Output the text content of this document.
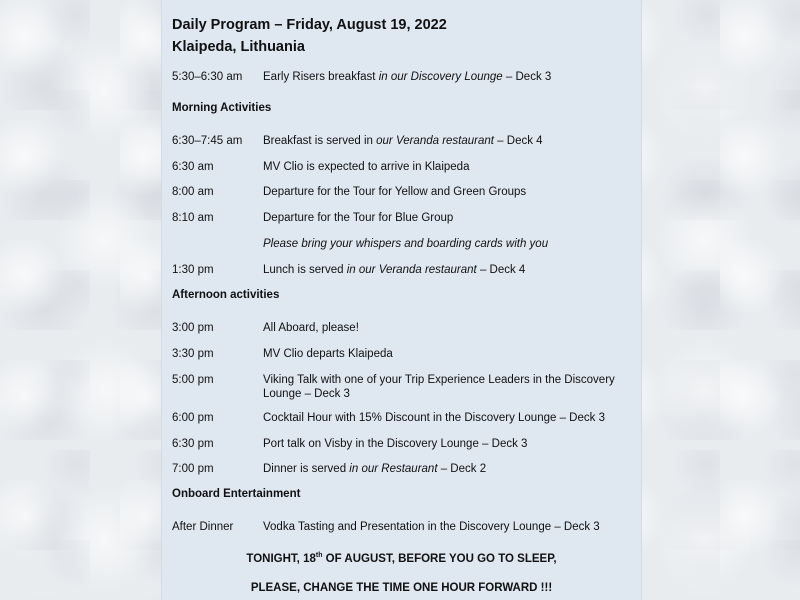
Daily Program – Friday, August 19, 2022
Klaipeda, Lithuania
5:30–6:30 am	Early Risers breakfast in our Discovery Lounge – Deck 3
Morning Activities
6:30–7:45 am	Breakfast is served in our Veranda restaurant – Deck 4
6:30 am	MV Clio is expected to arrive in Klaipeda
8:00 am	Departure for the Tour for Yellow and Green Groups
8:10 am	Departure for the Tour for Blue Group
Please bring your whispers and boarding cards with you
1:30 pm	Lunch is served in our Veranda restaurant – Deck 4
Afternoon activities
3:00 pm	All Aboard, please!
3:30 pm	MV Clio departs Klaipeda
5:00 pm	Viking Talk with one of your Trip Experience Leaders in the Discovery Lounge – Deck 3
6:00 pm	Cocktail Hour with 15% Discount in the Discovery Lounge – Deck 3
6:30 pm	Port talk on Visby in the Discovery Lounge – Deck 3
7:00 pm	Dinner is served in our Restaurant – Deck 2
Onboard Entertainment
After Dinner	Vodka Tasting and Presentation in the Discovery Lounge – Deck 3
TONIGHT, 18th OF AUGUST, BEFORE YOU GO TO SLEEP,
PLEASE, CHANGE THE TIME ONE HOUR FORWARD !!!
